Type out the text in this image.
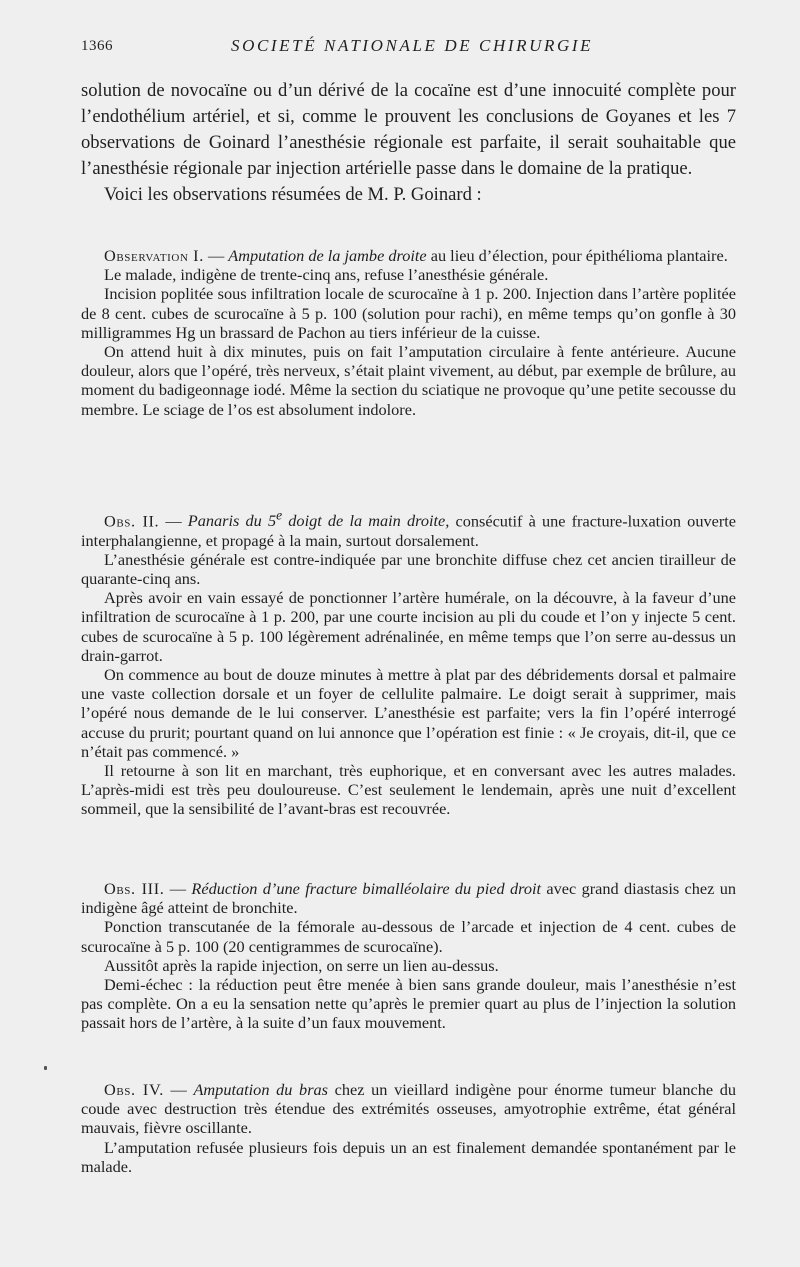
1366	SOCIETÉ NATIONALE DE CHIRURGIE

solution de novocaïne ou d’un dérivé de la cocaïne est d’une innocuité complète pour l’endothélium artériel, et si, comme le prouvent les conclusions de Goyanes et les 7 observations de Goinard l’anesthésie régionale est parfaite, il serait souhaitable que l’anesthésie régionale par injection artérielle passe dans le domaine de la pratique.

Voici les observations résumées de M. P. Goinard :

Observation I. — Amputation de la jambe droite au lieu d’élection, pour épithélioma plantaire.

Le malade, indigène de trente-cinq ans, refuse l’anesthésie générale.

Incision poplitée sous infiltration locale de scurocaïne à 1 p. 200. Injection dans l’artère poplitée de 8 cent. cubes de scurocaïne à 5 p. 100 (solution pour rachi), en même temps qu’on gonfle à 30 milligrammes Hg un brassard de Pachon au tiers inférieur de la cuisse.

On attend huit à dix minutes, puis on fait l’amputation circulaire à fente antérieure. Aucune douleur, alors que l’opéré, très nerveux, s’était plaint vivement, au début, par exemple de brûlure, au moment du badigeonnage iodé. Même la section du sciatique ne provoque qu’une petite secousse du membre. Le sciage de l’os est absolument indolore.

Obs. II. — Panaris du 5e doigt de la main droite, consécutif à une fracture-luxation ouverte interphalangienne, et propagé à la main, surtout dorsalement.

L’anesthésie générale est contre-indiquée par une bronchite diffuse chez cet ancien tirailleur de quarante-cinq ans.

Après avoir en vain essayé de ponctionner l’artère humérale, on la découvre, à la faveur d’une infiltration de scurocaïne à 1 p. 200, par une courte incision au pli du coude et l’on y injecte 5 cent. cubes de scurocaïne à 5 p. 100 légèrement adrénalinée, en même temps que l’on serre au-dessus un drain-garrot.

On commence au bout de douze minutes à mettre à plat par des débridements dorsal et palmaire une vaste collection dorsale et un foyer de cellulite palmaire. Le doigt serait à supprimer, mais l’opéré nous demande de le lui conserver. L’anesthésie est parfaite; vers la fin l’opéré interrogé accuse du prurit; pourtant quand on lui annonce que l’opération est finie : « Je croyais, dit-il, que ce n’était pas commencé. »

Il retourne à son lit en marchant, très euphorique, et en conversant avec les autres malades. L’après-midi est très peu douloureuse. C’est seulement le lendemain, après une nuit d’excellent sommeil, que la sensibilité de l’avant-bras est recouvrée.

Obs. III. — Réduction d’une fracture bimalléolaire du pied droit avec grand diastasis chez un indigène âgé atteint de bronchite.

Ponction transcutanée de la fémorale au-dessous de l’arcade et injection de 4 cent. cubes de scurocaïne à 5 p. 100 (20 centigrammes de scurocaïne).

Aussitôt après la rapide injection, on serre un lien au-dessus.

Demi-échec : la réduction peut être menée à bien sans grande douleur, mais l’anesthésie n’est pas complète. On a eu la sensation nette qu’après le premier quart au plus de l’injection la solution passait hors de l’artère, à la suite d’un faux mouvement.

Obs. IV. — Amputation du bras chez un vieillard indigène pour énorme tumeur blanche du coude avec destruction très étendue des extrémités osseuses, amyotrophie extrême, état général mauvais, fièvre oscillante.

L’amputation refusée plusieurs fois depuis un an est finalement demandée spontanément par le malade.
